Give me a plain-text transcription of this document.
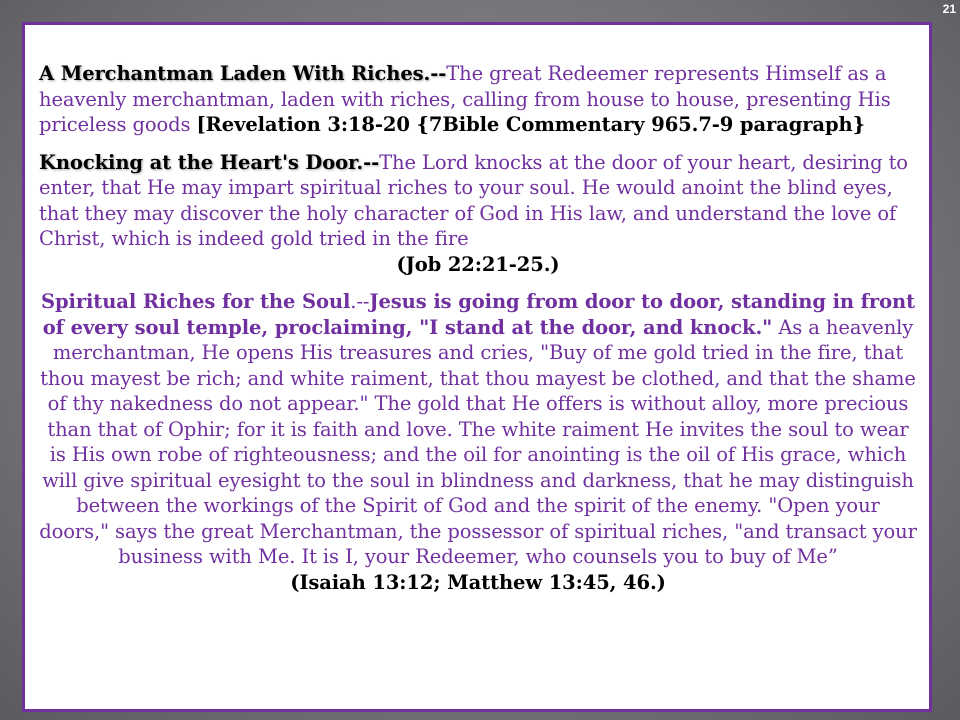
21

A Merchantman Laden With Riches.--The great Redeemer represents Himself as a heavenly merchantman, laden with riches, calling from house to house, presenting His priceless goods [Revelation 3:18-20 {7Bible Commentary 965.7-9 paragraph}

Knocking at the Heart's Door.--The Lord knocks at the door of your heart, desiring to enter, that He may impart spiritual riches to your soul. He would anoint the blind eyes, that they may discover the holy character of God in His law, and understand the love of Christ, which is indeed gold tried in the fire

(Job 22:21-25.)

Spiritual Riches for the Soul.--Jesus is going from door to door, standing in front of every soul temple, proclaiming, "I stand at the door, and knock." As a heavenly merchantman, He opens His treasures and cries, "Buy of me gold tried in the fire, that thou mayest be rich; and white raiment, that thou mayest be clothed, and that the shame of thy nakedness do not appear." The gold that He offers is without alloy, more precious than that of Ophir; for it is faith and love. The white raiment He invites the soul to wear is His own robe of righteousness; and the oil for anointing is the oil of His grace, which will give spiritual eyesight to the soul in blindness and darkness, that he may distinguish between the workings of the Spirit of God and the spirit of the enemy. "Open your doors," says the great Merchantman, the possessor of spiritual riches, "and transact your business with Me. It is I, your Redeemer, who counsels you to buy of Me”

(Isaiah 13:12; Matthew 13:45, 46.)
